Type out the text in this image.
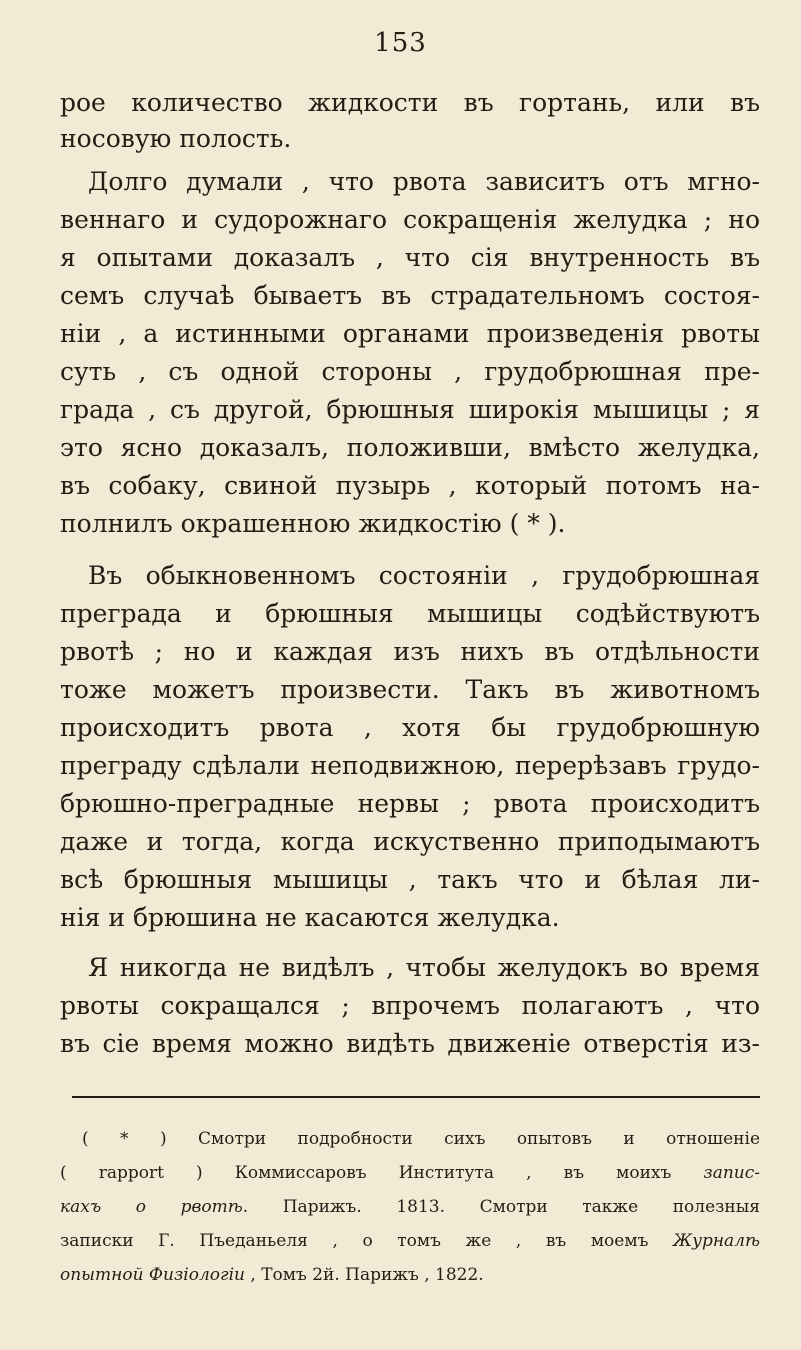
153
рое количество жидкости въ гортань, или въ
носовую полость.
Долго думали , что рвота зависитъ отъ мгно-
веннаго и судорожнаго сокращенія желудка ; но
я опытами доказалъ , что сія внутренность въ
семъ случаѣ бываетъ въ страдательномъ состоя-
ніи , а истинными органами произведенія рвоты
суть , съ одной стороны , грудобрюшная пре-
града , съ другой, брюшныя широкія мышицы ; я
это ясно доказалъ, положивши, вмѣсто желудка,
въ собаку, свиной пузырь , который потомъ на-
полнилъ окрашенною жидкостію ( * ).
Въ обыкновенномъ состояніи , грудобрюшная
преграда и брюшныя мышицы содѣйствуютъ
рвотѣ ; но и каждая изъ нихъ въ отдѣльности
тоже можетъ произвести. Такъ въ животномъ
происходитъ рвота , хотя бы грудобрюшную
преграду сдѣлали неподвижною, перерѣзавъ грудо-
брюшно-преградные нервы ; рвота происходитъ
даже и тогда, когда искуственно приподымаютъ
всѣ брюшныя мышицы , такъ что и бѣлая ли-
нія и брюшина не касаются желудка.
Я никогда не видѣлъ , чтобы желудокъ во время
рвоты сокращался ; впрочемъ полагаютъ , что
въ сіе время можно видѣть движеніе отверстія из-
( * ) Смотри подробности сихъ опытовъ и отношеніе
( rapport ) Коммиссаровъ Института , въ моихъ запис-
кахъ о рвотѣ. Парижъ. 1813. Смотри также полезныя
записки Г. Пъеданьеля , о томъ же , въ моемъ Журналѣ
опытной Физіологіи , Томъ 2й. Парижъ , 1822.
